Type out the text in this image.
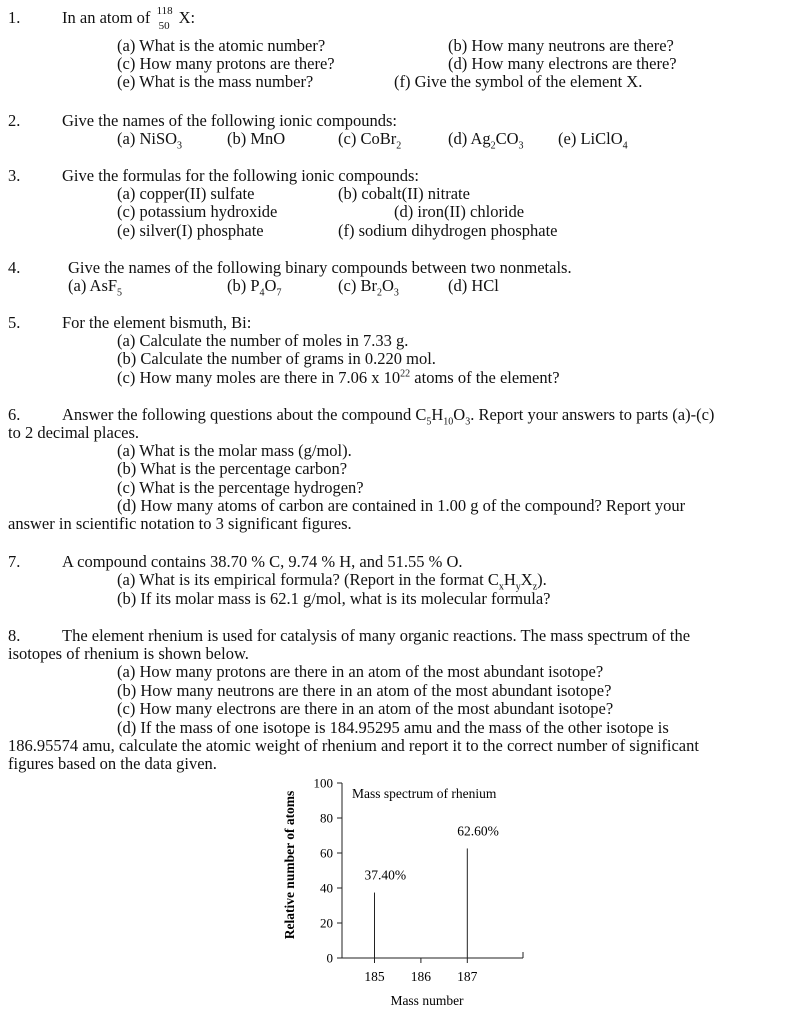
1.	In an atom of 118
50 X:
(a) What is the atomic number?	(b) How many neutrons are there?
(c) How many protons are there?	(d) How many electrons are there?
(e) What is the mass number?	(f) Give the symbol of the element X.
2.	Give the names of the following ionic compounds:
(a) NiSO$_3$	(b) MnO	(c) CoBr$_2$	(d) $Ag_2CO_3$ (e) LiClO$_4$
3.	Give the formulas for the following ionic compounds:
(a) copper(II) sulfate	(b) cobalt(II) nitrate
(c) potassium hydroxide	(d) iron(II) chloride
(e) silver(I) phosphate	(f) sodium dihydrogen phosphate
4.	Give the names of the following binary compounds between two nonmetals.
(a) AsF$_5$	(b) $P_4O_7$	(c) $Br_2O_3$	(d) HCl
5.	For the element bismuth, Bi:
(a) Calculate the number of moles in 7.33 g.
(b) Calculate the number of grams in 0.220 mol.
(c) How many moles are there in 7.06 x $10^{22}$ atoms of the element?
6.	Answer the following questions about the compound $C_5H_{10}O_3$. Report your answers to parts (a)-(c)
to 2 decimal places.
(a) What is the molar mass (g/mol).
(b) What is the percentage carbon?
(c) What is the percentage hydrogen?
(d) How many atoms of carbon are contained in 1.00 g of the compound? Report your
answer in scientific notation to 3 significant figures.
7.	A compound contains 38.70 % C, 9.74 % H, and 51.55 % O.
(a) What is its empirical formula? (Report in the format $C_xH_yX_z$).
(b) If its molar mass is 62.1 g/mol, what is its molecular formula?
8.	The element rhenium is used for catalysis of many organic reactions. The mass spectrum of the
isotopes of rhenium is shown below.
(a) How many protons are there in an atom of the most abundant isotope?
(b) How many neutrons are there in an atom of the most abundant isotope?
(c) How many electrons are there in an atom of the most abundant isotope?
(d) If the mass of one isotope is 184.95295 amu and the mass of the other isotope is
186.95574 amu, calculate the atomic weight of rhenium and report it to the correct number of significant
figures based on the data given.
0
20
40
60
80
100
185 186 187
37.40%
62.60%
Mass spectrum of rhenium
Mass number
Relative number of atoms
